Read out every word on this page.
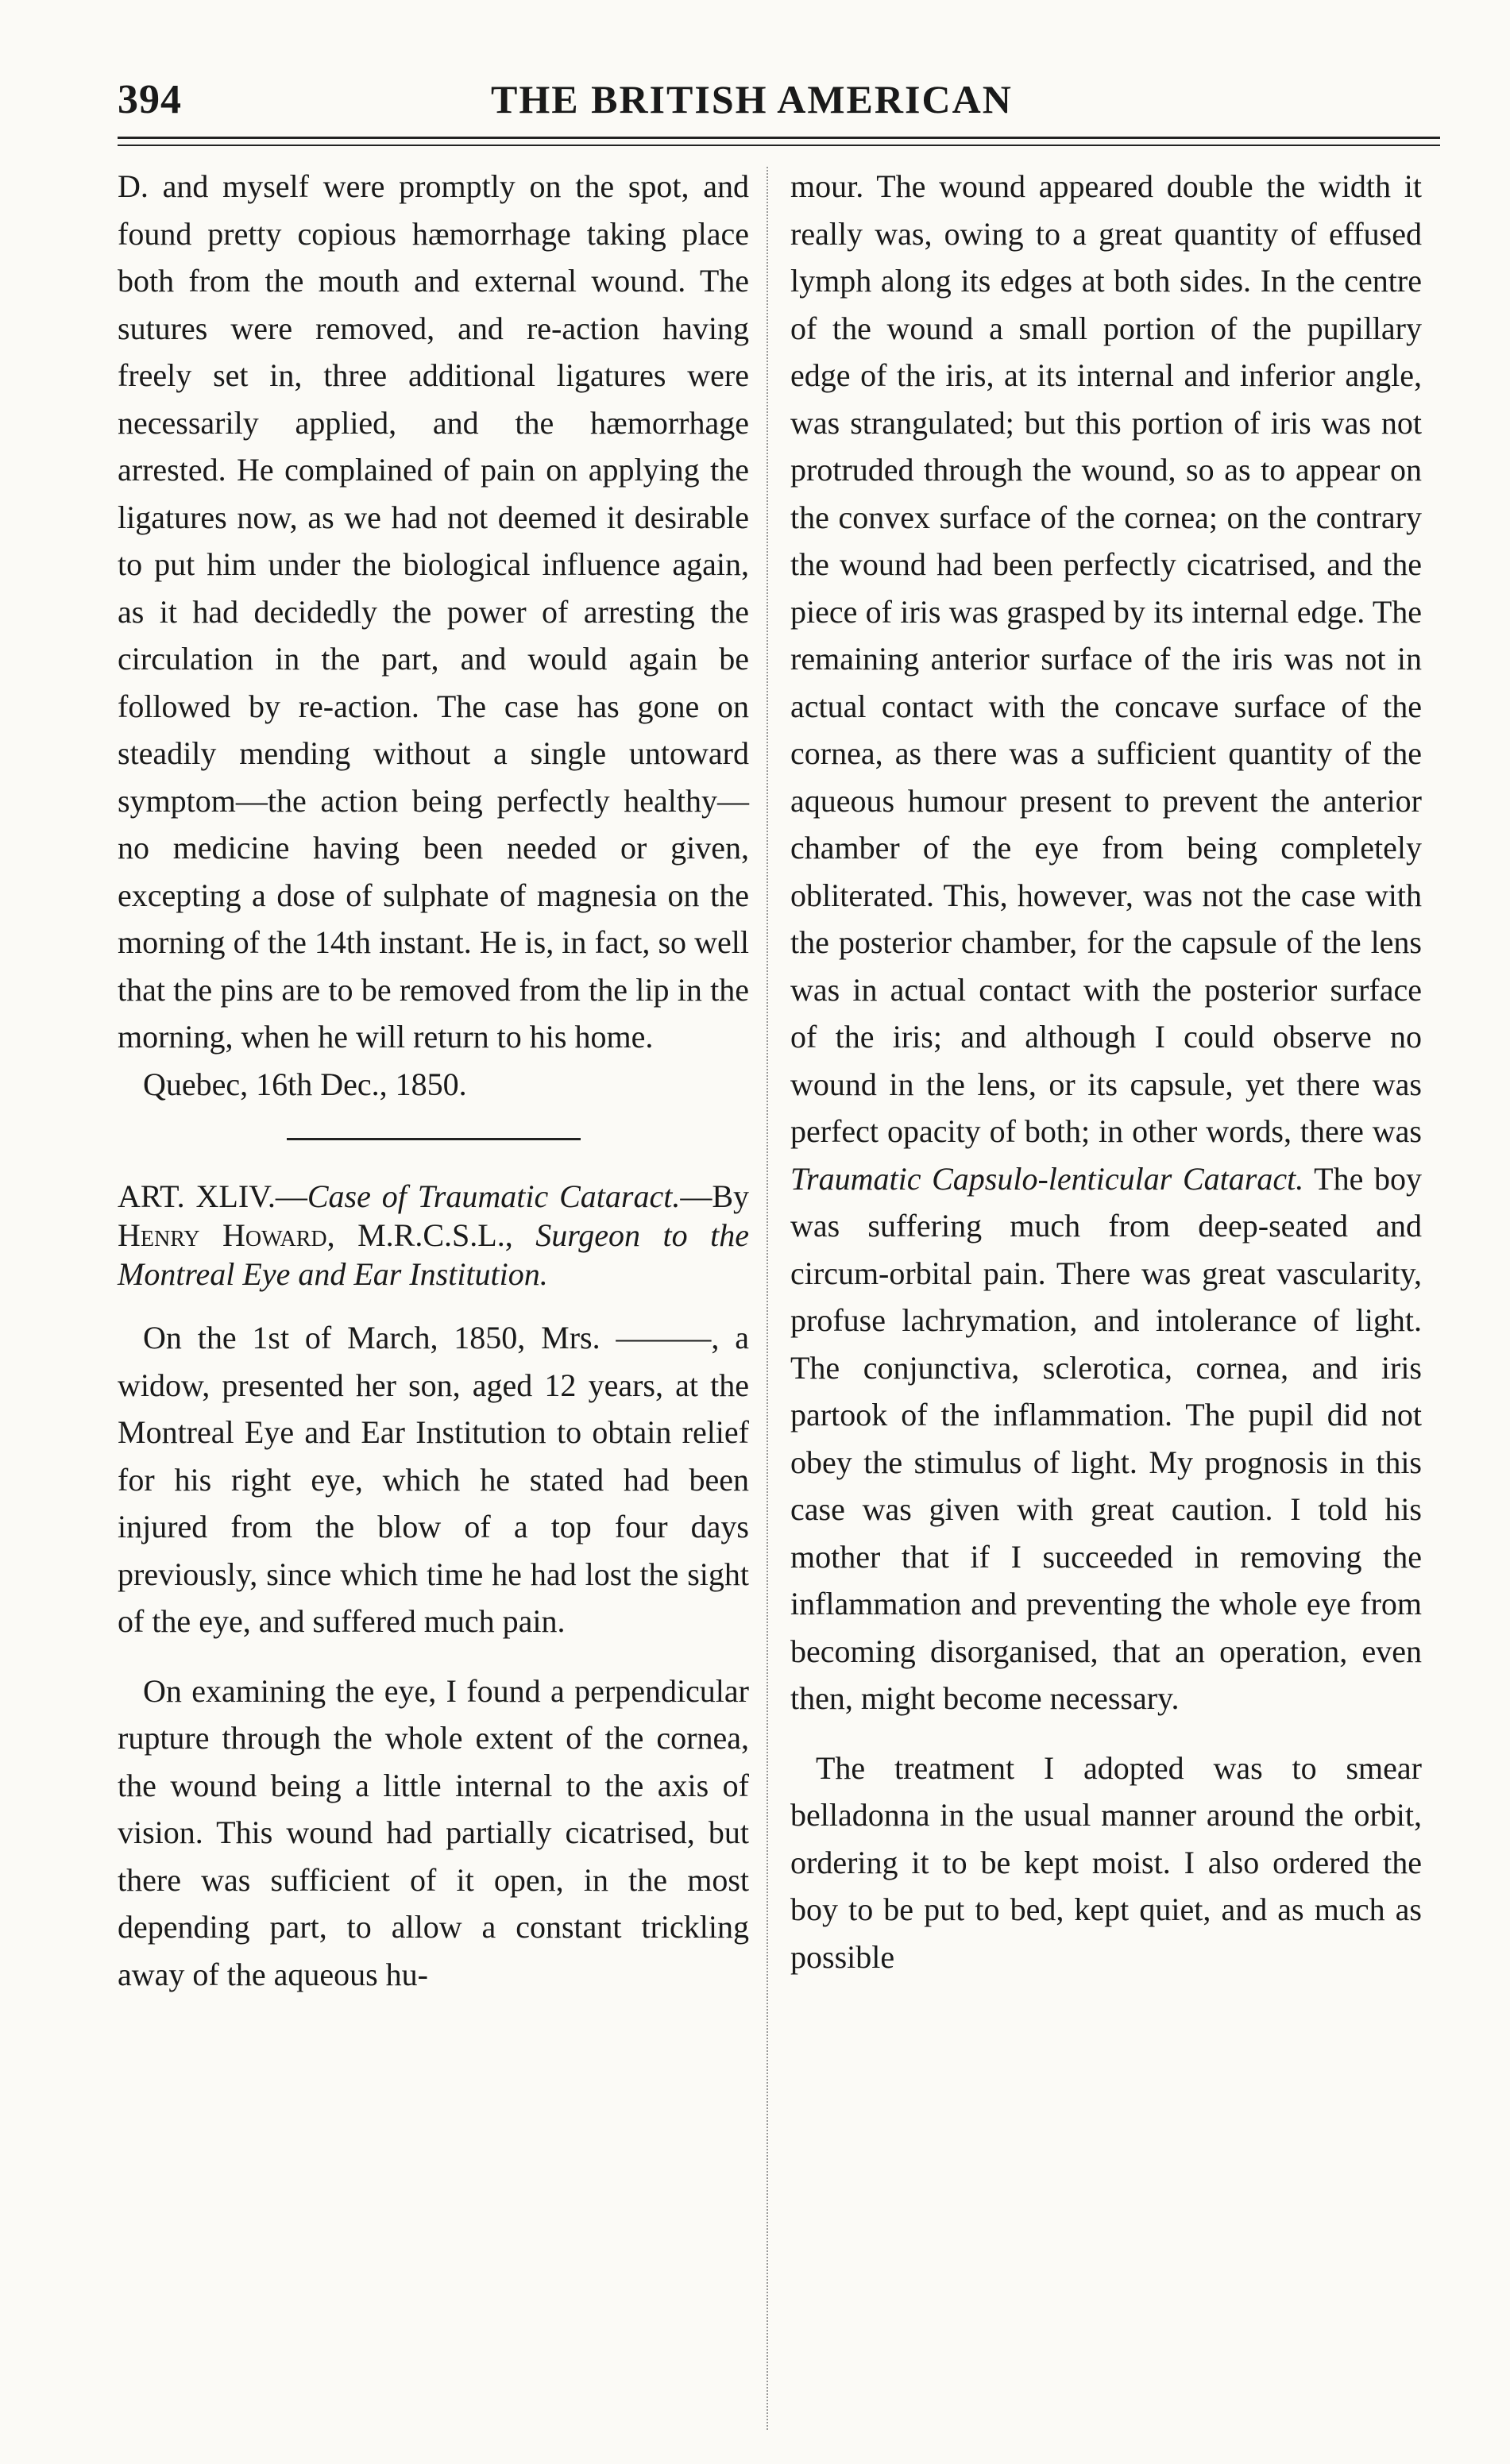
394	THE BRITISH AMERICAN

D. and myself were promptly on the spot, and found pretty copious hæmorrhage taking place both from the mouth and external wound. The sutures were removed, and re-action having freely set in, three additional ligatures were necessarily applied, and the hæmorrhage arrested. He complained of pain on applying the ligatures now, as we had not deemed it desirable to put him under the biological influence again, as it had decidedly the power of arresting the circulation in the part, and would again be followed by re-action. The case has gone on steadily mending without a single untoward symptom—the action being perfectly healthy—no medicine having been needed or given, excepting a dose of sulphate of magnesia on the morning of the 14th instant. He is, in fact, so well that the pins are to be removed from the lip in the morning, when he will return to his home.

Quebec, 16th Dec., 1850.

ART. XLIV.—Case of Traumatic Cataract.—By Henry Howard, M.R.C.S.L., Surgeon to the Montreal Eye and Ear Institution.

On the 1st of March, 1850, Mrs. ———, a widow, presented her son, aged 12 years, at the Montreal Eye and Ear Institution to obtain relief for his right eye, which he stated had been injured from the blow of a top four days previously, since which time he had lost the sight of the eye, and suffered much pain.

On examining the eye, I found a perpendicular rupture through the whole extent of the cornea, the wound being a little internal to the axis of vision. This wound had partially cicatrised, but there was sufficient of it open, in the most depending part, to allow a constant trickling away of the aqueous hu-

mour. The wound appeared double the width it really was, owing to a great quantity of effused lymph along its edges at both sides. In the centre of the wound a small portion of the pupillary edge of the iris, at its internal and inferior angle, was strangulated; but this portion of iris was not protruded through the wound, so as to appear on the convex surface of the cornea; on the contrary the wound had been perfectly cicatrised, and the piece of iris was grasped by its internal edge. The remaining anterior surface of the iris was not in actual contact with the concave surface of the cornea, as there was a sufficient quantity of the aqueous humour present to prevent the anterior chamber of the eye from being completely obliterated. This, however, was not the case with the posterior chamber, for the capsule of the lens was in actual contact with the posterior surface of the iris; and although I could observe no wound in the lens, or its capsule, yet there was perfect opacity of both; in other words, there was Traumatic Capsulo-lenticular Cataract. The boy was suffering much from deep-seated and circum-orbital pain. There was great vascularity, profuse lachrymation, and intolerance of light. The conjunctiva, sclerotica, cornea, and iris partook of the inflammation. The pupil did not obey the stimulus of light. My prognosis in this case was given with great caution. I told his mother that if I succeeded in removing the inflammation and preventing the whole eye from becoming disorganised, that an operation, even then, might become necessary.

The treatment I adopted was to smear belladonna in the usual manner around the orbit, ordering it to be kept moist. I also ordered the boy to be put to bed, kept quiet, and as much as possible
